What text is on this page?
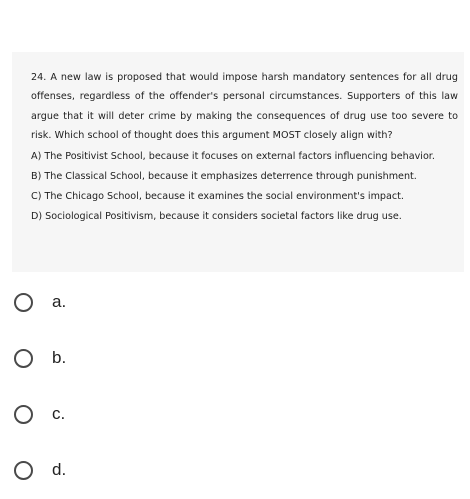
24. A new law is proposed that would impose harsh mandatory sentences for all drug offenses, regardless of the offender's personal circumstances. Supporters of this law argue that it will deter crime by making the consequences of drug use too severe to risk. Which school of thought does this argument MOST closely align with?

A) The Positivist School, because it focuses on external factors influencing behavior.
B) The Classical School, because it emphasizes deterrence through punishment.
C) The Chicago School, because it examines the social environment's impact.
D) Sociological Positivism, because it considers societal factors like drug use.
a.
b.
c.
d.
